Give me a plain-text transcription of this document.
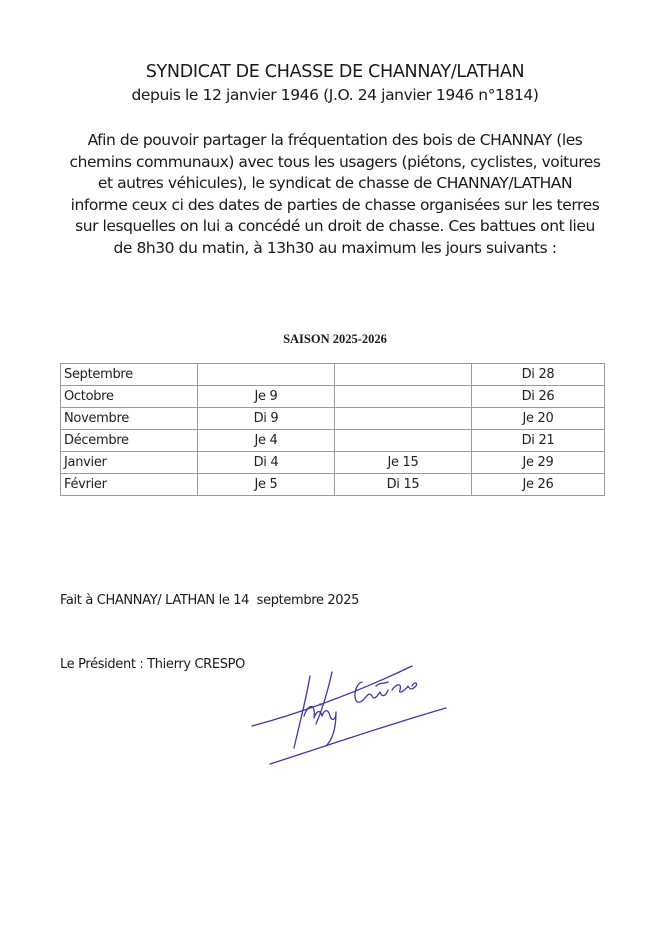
SYNDICAT DE CHASSE DE CHANNAY/LATHAN
depuis le 12 janvier 1946 (J.O. 24 janvier 1946 n°1814)
Afin de pouvoir partager la fréquentation des bois de CHANNAY (les
chemins communaux) avec tous les usagers (piétons, cyclistes, voitures
et autres véhicules), le syndicat de chasse de CHANNAY/LATHAN
informe ceux ci des dates de parties de chasse organisées sur les terres
sur lesquelles on lui a concédé un droit de chasse. Ces battues ont lieu
de 8h30 du matin, à 13h30 au maximum les jours suivants :
SAISON 2025-2026
Septembre			Di 28
Octobre	Je 9		Di 26
Novembre	Di 9		Je 20
Décembre	Je 4		Di 21
Janvier	Di 4	Je 15	Je 29
Février	Je 5	Di 15	Je 26
Fait à CHANNAY/ LATHAN le 14  septembre 2025
Le Président : Thierry CRESPO
